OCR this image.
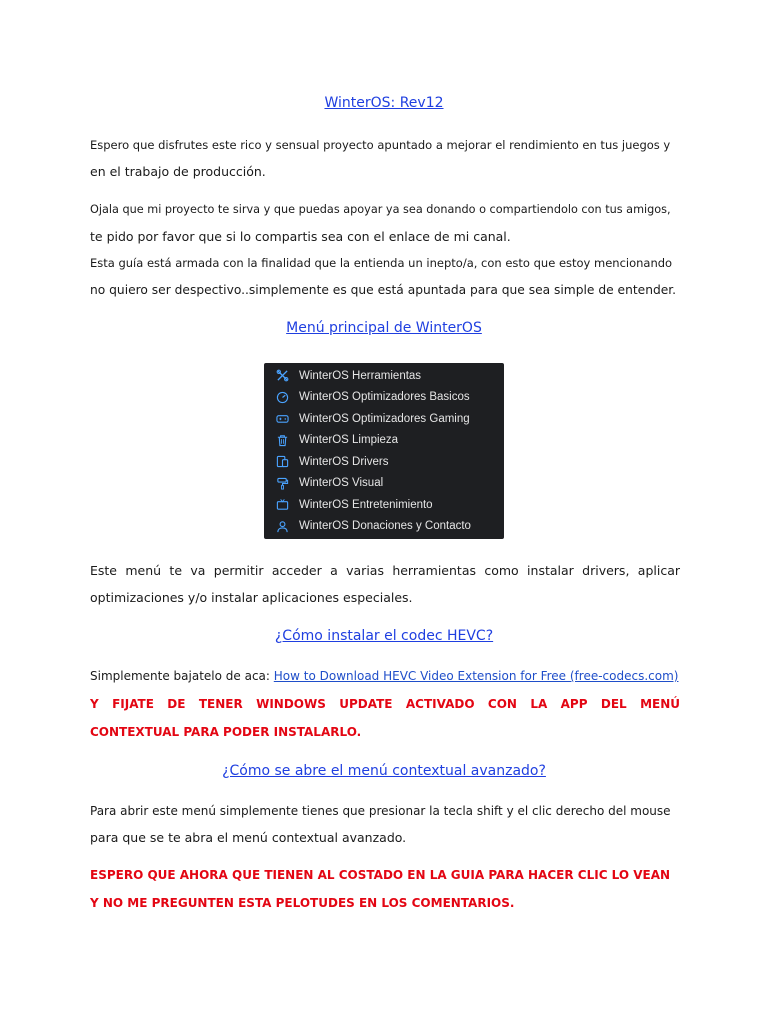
WinterOS: Rev12
Espero que disfrutes este rico y sensual proyecto apuntado a mejorar el rendimiento en tus juegos y
en el trabajo de producción.
Ojala que mi proyecto te sirva y que puedas apoyar ya sea donando o compartiendolo con tus amigos,
te pido por favor que si lo compartis sea con el enlace de mi canal.
Esta guía está armada con la finalidad que la entienda un inepto/a, con esto que estoy mencionando
no quiero ser despectivo..simplemente es que está apuntada para que sea simple de entender.
Menú principal de WinterOS
WinterOS Herramientas
WinterOS Optimizadores Basicos
WinterOS Optimizadores Gaming
WinterOS Limpieza
WinterOS Drivers
WinterOS Visual
WinterOS Entretenimiento
WinterOS Donaciones y Contacto
Este menú te va permitir acceder a varias herramientas como instalar drivers, aplicar
optimizaciones y/o instalar aplicaciones especiales.
¿Cómo instalar el codec HEVC?
Simplemente bajatelo de aca: How to Download HEVC Video Extension for Free (free-codecs.com)
Y FIJATE DE TENER WINDOWS UPDATE ACTIVADO CON LA APP DEL MENÚ
CONTEXTUAL PARA PODER INSTALARLO.
¿Cómo se abre el menú contextual avanzado?
Para abrir este menú simplemente tienes que presionar la tecla shift y el clic derecho del mouse
para que se te abra el menú contextual avanzado.
ESPERO QUE AHORA QUE TIENEN AL COSTADO EN LA GUIA PARA HACER CLIC LO VEAN
Y NO ME PREGUNTEN ESTA PELOTUDES EN LOS COMENTARIOS.
